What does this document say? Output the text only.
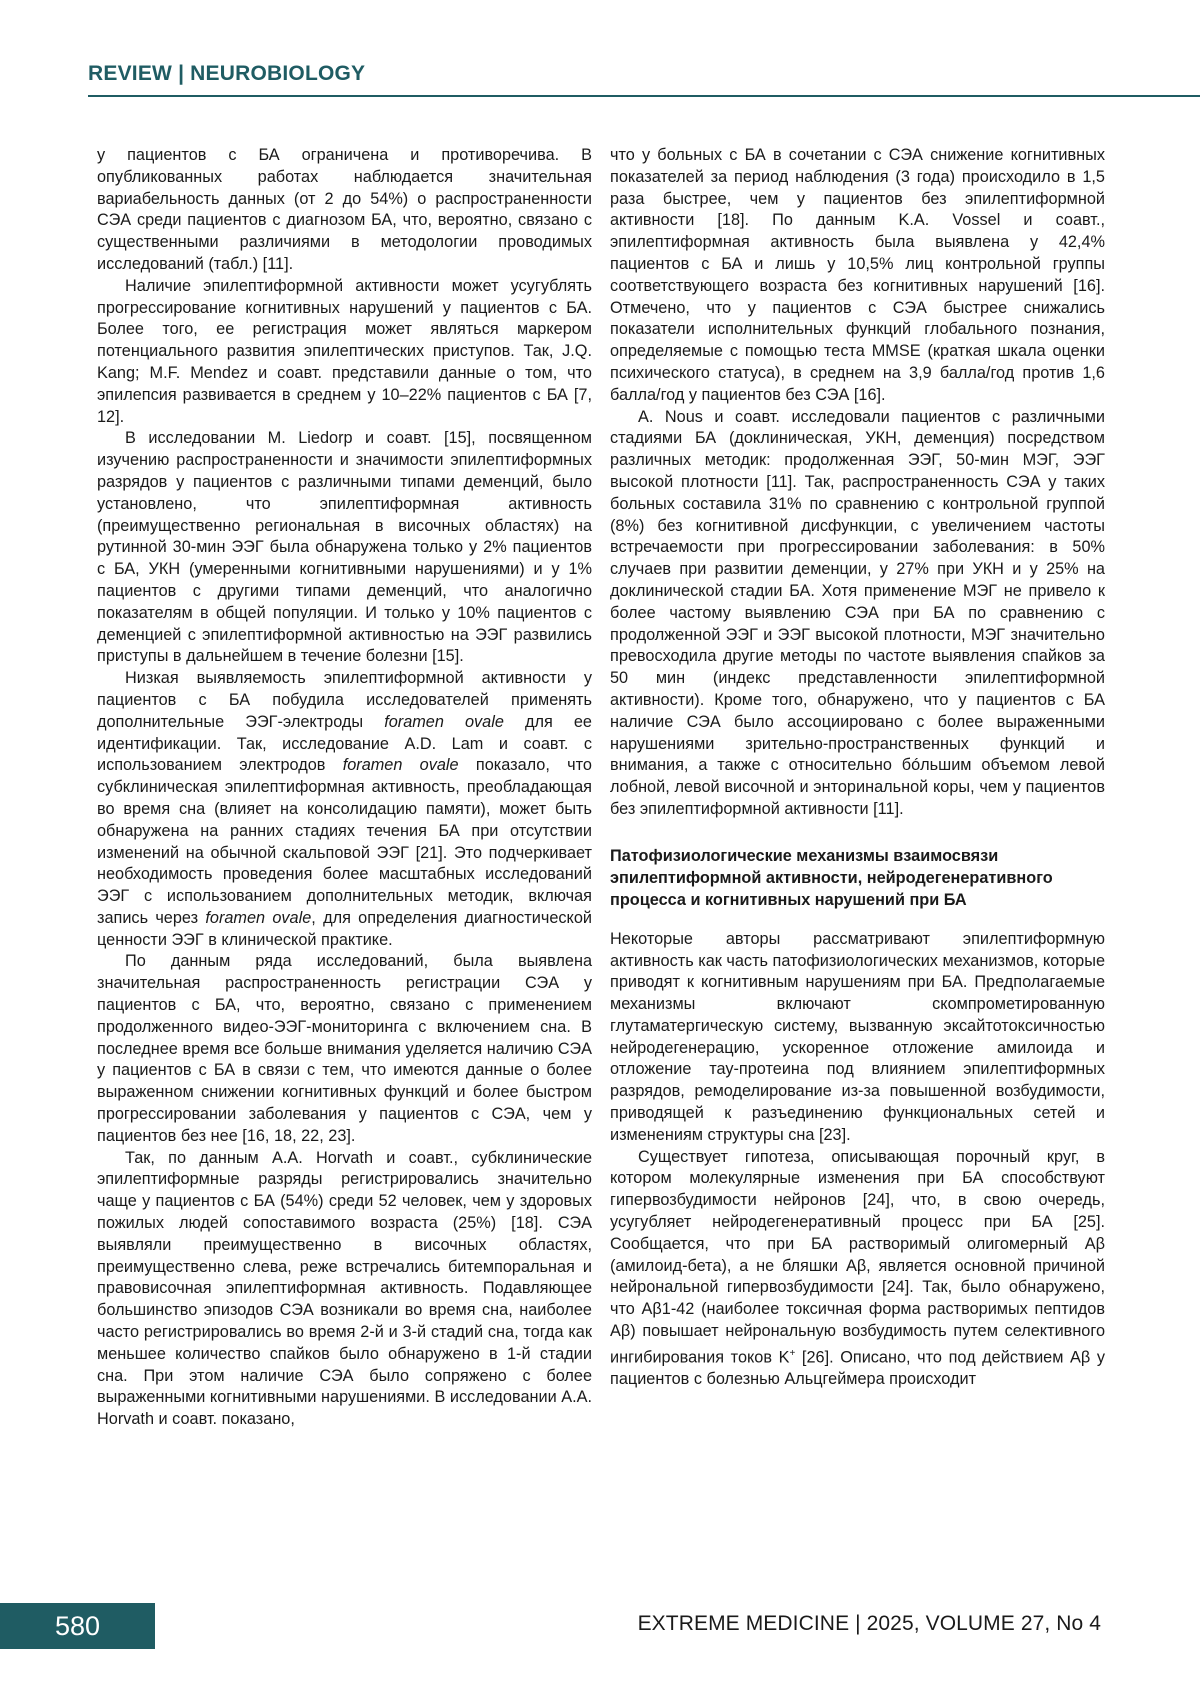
REVIEW | NEUROBIOLOGY

у пациентов с БА ограничена и противоречива. В опубликованных работах наблюдается значительная вариабельность данных (от 2 до 54%) о распространенности СЭА среди пациентов с диагнозом БА, что, вероятно, связано с существенными различиями в методологии проводимых исследований (табл.) [11].

Наличие эпилептиформной активности может усугублять прогрессирование когнитивных нарушений у пациентов с БА. Более того, ее регистрация может являться маркером потенциального развития эпилептических приступов. Так, J.Q. Kang; M.F. Mendez и соавт. представили данные о том, что эпилепсия развивается в среднем у 10–22% пациентов с БА [7, 12].

В исследовании M. Liedorp и соавт. [15], посвященном изучению распространенности и значимости эпилептиформных разрядов у пациентов с различными типами деменций, было установлено, что эпилептиформная активность (преимущественно региональная в височных областях) на рутинной 30-мин ЭЭГ была обнаружена только у 2% пациентов с БА, УКН (умеренными когнитивными нарушениями) и у 1% пациентов с другими типами деменций, что аналогично показателям в общей популяции. И только у 10% пациентов с деменцией с эпилептиформной активностью на ЭЭГ развились приступы в дальнейшем в течение болезни [15].

Низкая выявляемость эпилептиформной активности у пациентов с БА побудила исследователей применять дополнительные ЭЭГ-электроды foramen ovale для ее идентификации. Так, исследование A.D. Lam и соавт. с использованием электродов foramen ovale показало, что субклиническая эпилептиформная активность, преобладающая во время сна (влияет на консолидацию памяти), может быть обнаружена на ранних стадиях течения БА при отсутствии изменений на обычной скальповой ЭЭГ [21]. Это подчеркивает необходимость проведения более масштабных исследований ЭЭГ с использованием дополнительных методик, включая запись через foramen ovale, для определения диагностической ценности ЭЭГ в клинической практике.

По данным ряда исследований, была выявлена значительная распространенность регистрации СЭА у пациентов с БА, что, вероятно, связано с применением продолженного видео-ЭЭГ-мониторинга с включением сна. В последнее время все больше внимания уделяется наличию СЭА у пациентов с БА в связи с тем, что имеются данные о более выраженном снижении когнитивных функций и более быстром прогрессировании заболевания у пациентов с СЭА, чем у пациентов без нее [16, 18, 22, 23].

Так, по данным A.A. Horvath и соавт., субклинические эпилептиформные разряды регистрировались значительно чаще у пациентов с БА (54%) среди 52 человек, чем у здоровых пожилых людей сопоставимого возраста (25%) [18]. СЭА выявляли преимущественно в височных областях, преимущественно слева, реже встречались битемпоральная и правовисочная эпилептиформная активность. Подавляющее большинство эпизодов СЭА возникали во время сна, наиболее часто регистрировались во время 2-й и 3-й стадий сна, тогда как меньшее количество спайков было обнаружено в 1-й стадии сна. При этом наличие СЭА было сопряжено с более выраженными когнитивными нарушениями. В исследовании A.A. Horvath и соавт. показано,

что у больных с БА в сочетании с СЭА снижение когнитивных показателей за период наблюдения (3 года) происходило в 1,5 раза быстрее, чем у пациентов без эпилептиформной активности [18]. По данным K.A. Vossel и соавт., эпилептиформная активность была выявлена у 42,4% пациентов с БА и лишь у 10,5% лиц контрольной группы соответствующего возраста без когнитивных нарушений [16]. Отмечено, что у пациентов с СЭА быстрее снижались показатели исполнительных функций глобального познания, определяемые с помощью теста MMSE (краткая шкала оценки психического статуса), в среднем на 3,9 балла/год против 1,6 балла/год у пациентов без СЭА [16].

A. Nous и соавт. исследовали пациентов с различными стадиями БА (доклиническая, УКН, деменция) посредством различных методик: продолженная ЭЭГ, 50-мин МЭГ, ЭЭГ высокой плотности [11]. Так, распространенность СЭА у таких больных составила 31% по сравнению с контрольной группой (8%) без когнитивной дисфункции, с увеличением частоты встречаемости при прогрессировании заболевания: в 50% случаев при развитии деменции, у 27% при УКН и у 25% на доклинической стадии БА. Хотя применение МЭГ не привело к более частому выявлению СЭА при БА по сравнению с продолженной ЭЭГ и ЭЭГ высокой плотности, МЭГ значительно превосходила другие методы по частоте выявления спайков за 50 мин (индекс представленности эпилептиформной активности). Кроме того, обнаружено, что у пациентов с БА наличие СЭА было ассоциировано с более выраженными нарушениями зрительно-пространственных функций и внимания, а также с относительно бóльшим объемом левой лобной, левой височной и энторинальной коры, чем у пациентов без эпилептиформной активности [11].

Патофизиологические механизмы взаимосвязи эпилептиформной активности, нейродегенеративного процесса и когнитивных нарушений при БА

Некоторые авторы рассматривают эпилептиформную активность как часть патофизиологических механизмов, которые приводят к когнитивным нарушениям при БА. Предполагаемые механизмы включают скомпрометированную глутаматергическую систему, вызванную эксайтотоксичностью нейродегенерацию, ускоренное отложение амилоида и отложение тау-протеина под влиянием эпилептиформных разрядов, ремоделирование из-за повышенной возбудимости, приводящей к разъединению функциональных сетей и изменениям структуры сна [23].

Существует гипотеза, описывающая порочный круг, в котором молекулярные изменения при БА способствуют гипервозбудимости нейронов [24], что, в свою очередь, усугубляет нейродегенеративный процесс при БА [25]. Сообщается, что при БА растворимый олигомерный Aβ (амилоид-бета), а не бляшки Aβ, является основной причиной нейрональной гипервозбудимости [24]. Так, было обнаружено, что Aβ1-42 (наиболее токсичная форма растворимых пептидов Aβ) повышает нейрональную возбудимость путем селективного ингибирования токов K+ [26]. Описано, что под действием Aβ у пациентов с болезнью Альцгеймера происходит

580	EXTREME MEDICINE | 2025, VOLUME 27, No 4
